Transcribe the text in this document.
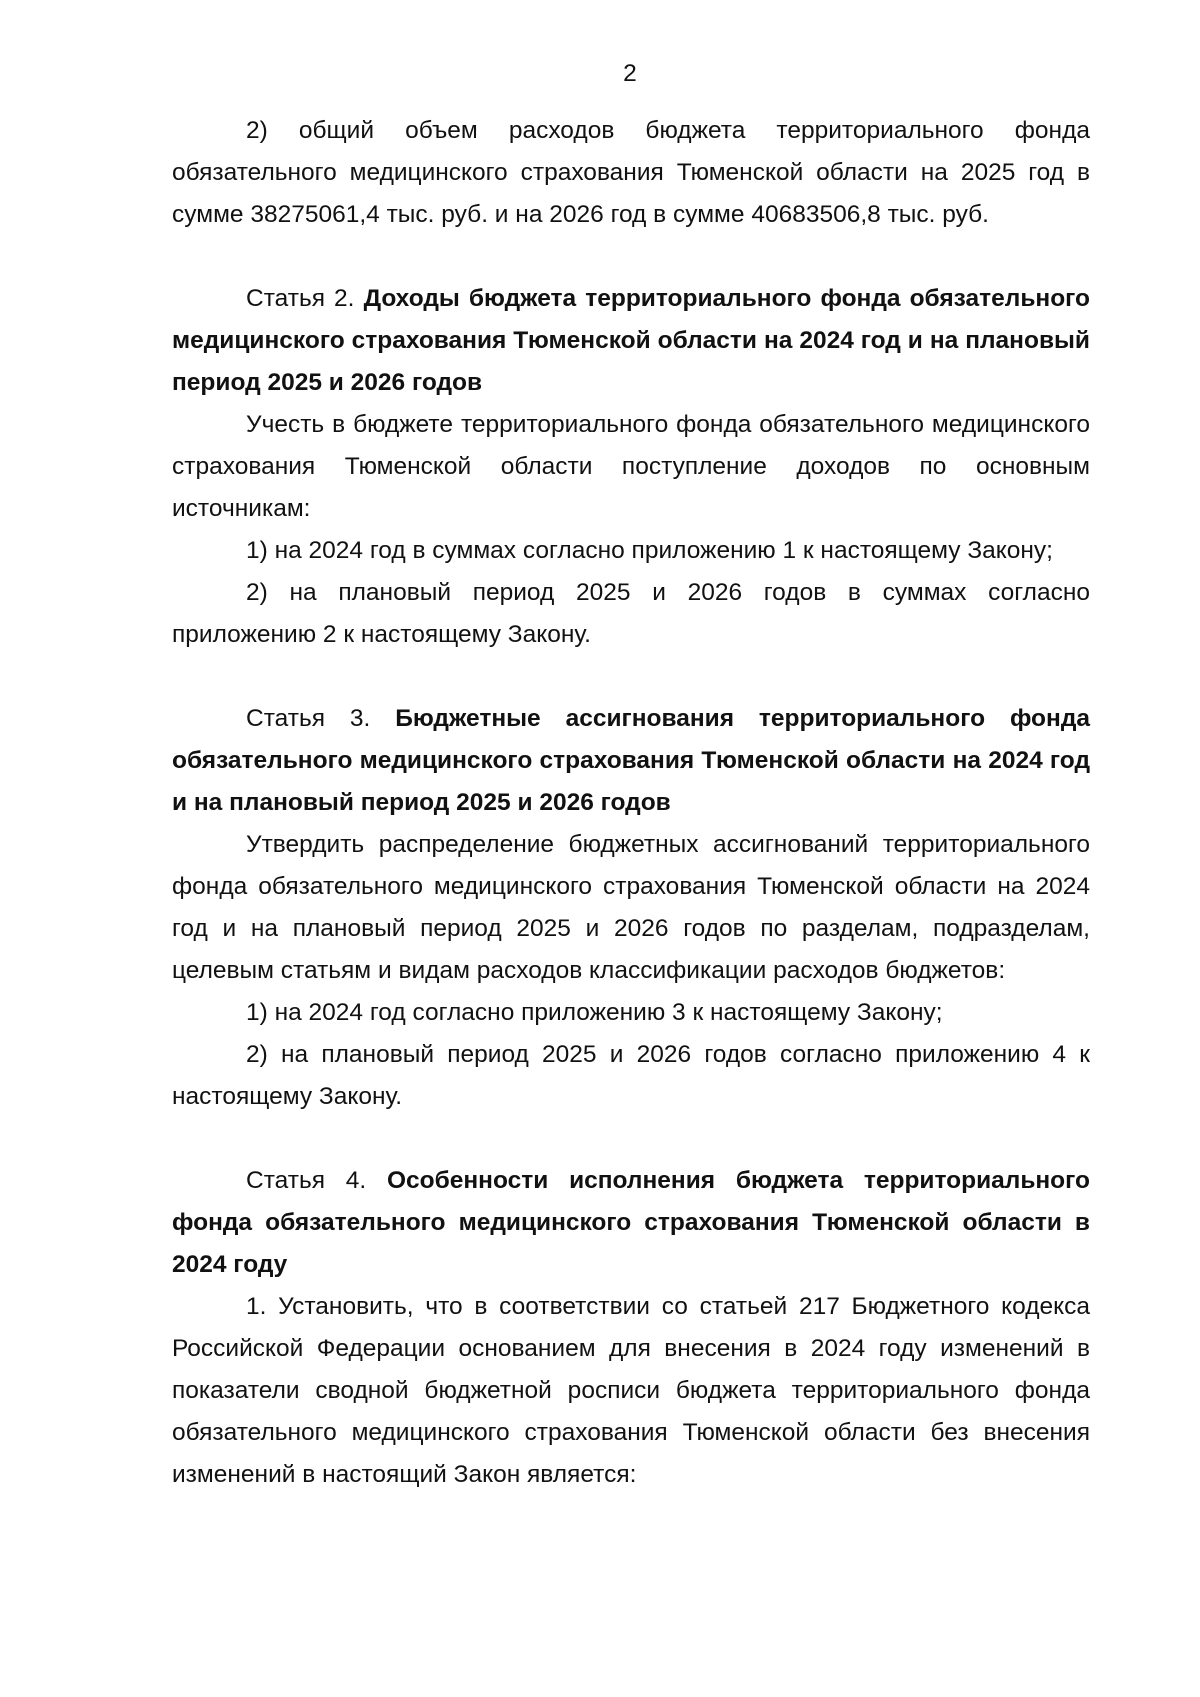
2

2) общий объем расходов бюджета территориального фонда обязательного медицинского страхования Тюменской области на 2025 год в сумме 38275061,4 тыс. руб. и на 2026 год в сумме 40683506,8 тыс. руб.

Статья 2. Доходы бюджета территориального фонда обязательного медицинского страхования Тюменской области на 2024 год и на плановый период 2025 и 2026 годов

Учесть в бюджете территориального фонда обязательного медицинского страхования Тюменской области поступление доходов по основным источникам:

1) на 2024 год в суммах согласно приложению 1 к настоящему Закону;

2) на плановый период 2025 и 2026 годов в суммах согласно приложению 2 к настоящему Закону.

Статья 3. Бюджетные ассигнования территориального фонда обязательного медицинского страхования Тюменской области на 2024 год и на плановый период 2025 и 2026 годов

Утвердить распределение бюджетных ассигнований территориального фонда обязательного медицинского страхования Тюменской области на 2024 год и на плановый период 2025 и 2026 годов по разделам, подразделам, целевым статьям и видам расходов классификации расходов бюджетов:

1) на 2024 год согласно приложению 3 к настоящему Закону;

2) на плановый период 2025 и 2026 годов согласно приложению 4 к настоящему Закону.

Статья 4. Особенности исполнения бюджета территориального фонда обязательного медицинского страхования Тюменской области в 2024 году

1. Установить, что в соответствии со статьей 217 Бюджетного кодекса Российской Федерации основанием для внесения в 2024 году изменений в показатели сводной бюджетной росписи бюджета территориального фонда обязательного медицинского страхования Тюменской области без внесения изменений в настоящий Закон является:
